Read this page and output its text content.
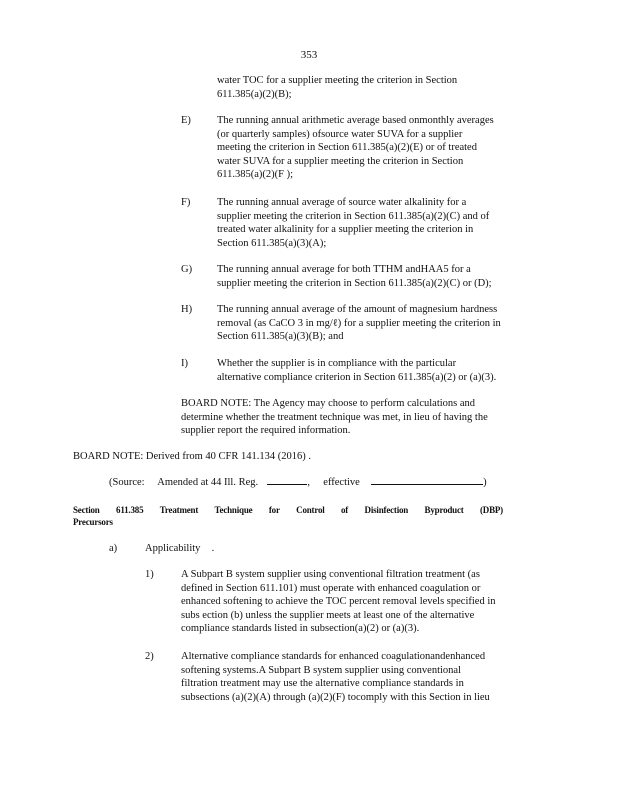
353
water TOC for a supplier meeting the criterion in Section
611.385(a)(2)(B);
E) The running annual arithmetic average based onmonthly averages
(or quarterly samples) ofsource water SUVA for a supplier
meeting the criterion in Section 611.385(a)(2)(E) or of treated
water SUVA for a supplier meeting the criterion in Section
611.385(a)(2)(F );
F)	The running annual average of source water alkalinity for a
supplier meeting the criterion in Section 611.385(a)(2)(C) and of
treated water alkalinity for a supplier meeting the criterion in
Section 611.385(a)(3)(A);
G) The running annual average for both TTHM andHAA5 for a
supplier meeting the criterion in Section 611.385(a)(2)(C) or (D);
H) The running annual average of the amount of magnesium hardness
removal (as CaCO 3 in mg/ℓ) for a supplier meeting the criterion in
Section 611.385(a)(3)(B); and
I)	Whether the supplier is in compliance with the particular
alternative compliance criterion in Section 611.385(a)(2) or (a)(3).
BOARD NOTE: The Agency may choose to perform calculations and
determine whether the treatment technique was met, in lieu of having the
supplier report the required information.
BOARD NOTE: Derived from 40 CFR 141.134 (2016) .
(Source: Amended at 44 Ill. Reg.	, effective	)
Section 611.385 Treatment Technique for Control of Disinfection Byproduct (DBP)
Precursors
a)	Applicability .
1)	A Subpart B system supplier using conventional filtration treatment (as
defined in Section 611.101) must operate with enhanced coagulation or
enhanced softening to achieve the TOC percent removal levels specified in
subs ection (b) unless the supplier meets at least one of the alternative
compliance standards listed in subsection(a)(2) or (a)(3).
2)	Alternative compliance standards for enhanced coagulationandenhanced
softening systems.A Subpart B system supplier using conventional
filtration treatment may use the alternative compliance standards in
subsections (a)(2)(A) through (a)(2)(F) tocomply with this Section in lieu
